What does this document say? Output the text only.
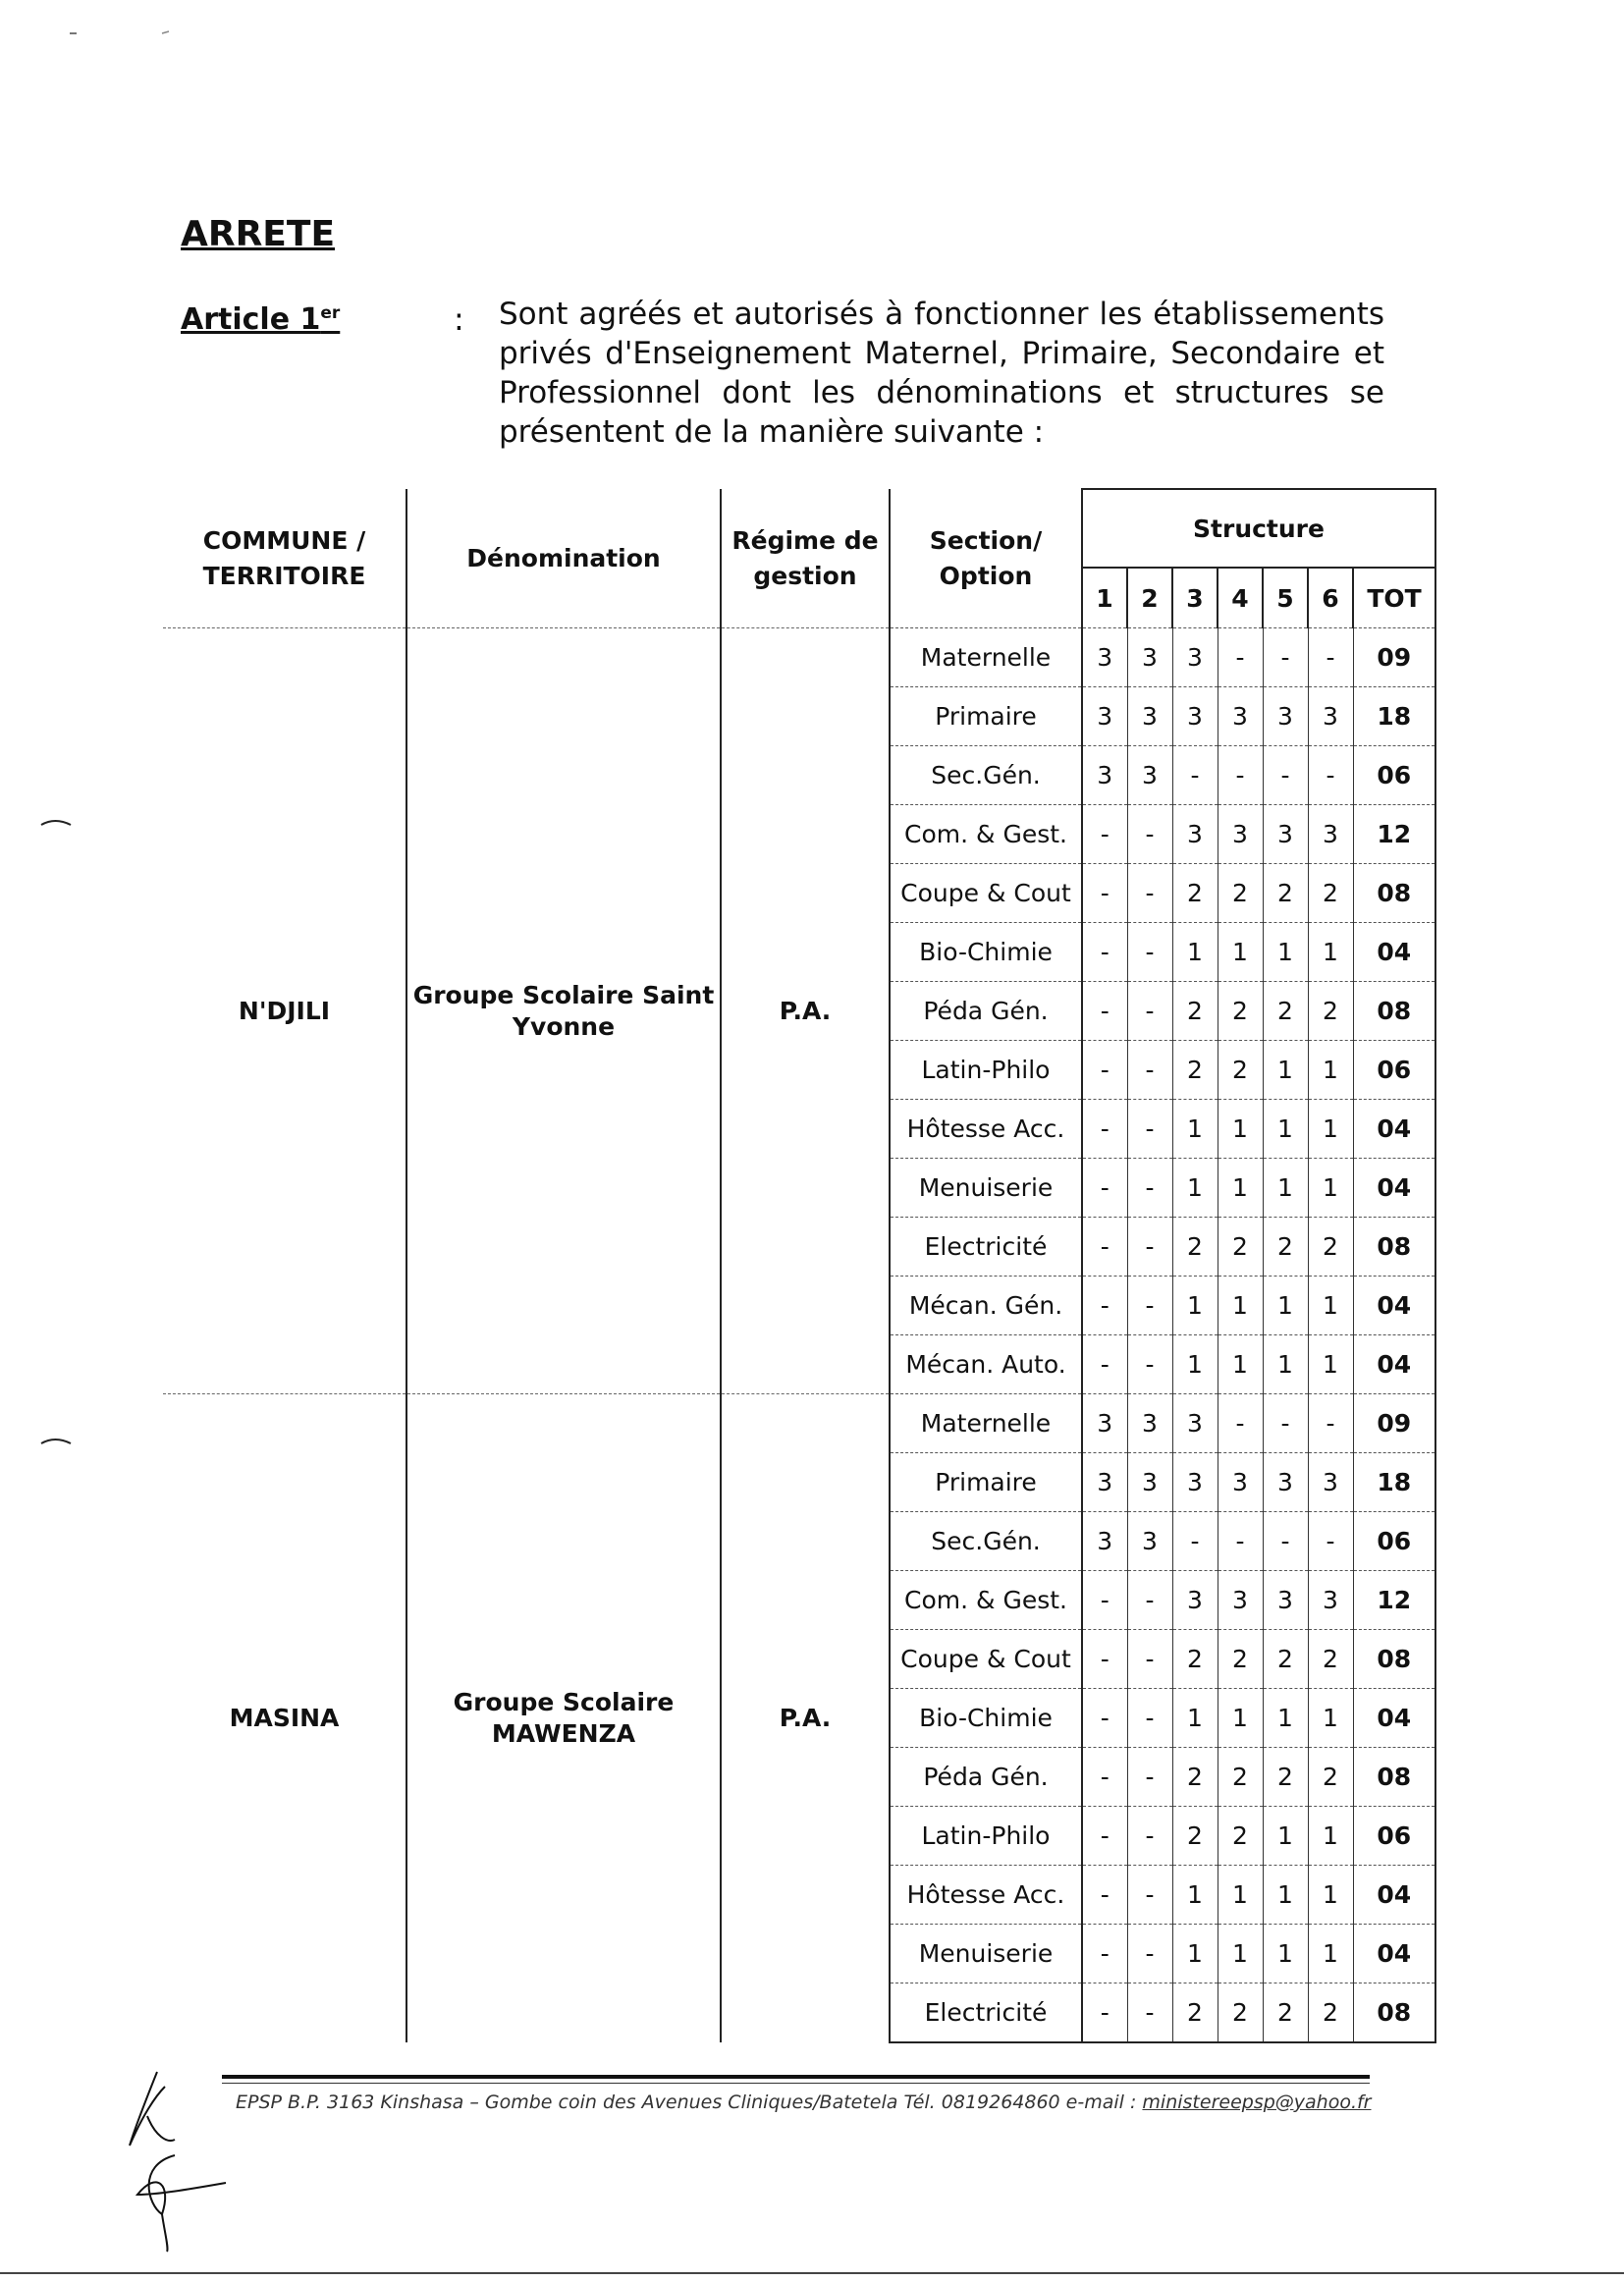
ARRETE
Article 1er	: Sont agréés et autorisés à fonctionner les établissements privés d'Enseignement Maternel, Primaire, Secondaire et Professionnel dont les dénominations et structures se présentent de la manière suivante :
COMMUNE / TERRITOIRE	Dénomination	Régime de gestion	Section/ Option	Structure						
				1	2	3	4	5	6	TOT
N'DJILI	Groupe Scolaire Saint Yvonne	P.A.	Maternelle	3	3	3	-	-	-	09
			Primaire	3	3	3	3	3	3	18
			Sec.Gén.	3	3	-	-	-	-	06
			Com. & Gest.	-	-	3	3	3	3	12
			Coupe & Cout	-	-	2	2	2	2	08
			Bio-Chimie	-	-	1	1	1	1	04
			Péda Gén.	-	-	2	2	2	2	08
			Latin-Philo	-	-	2	2	1	1	06
			Hôtesse Acc.	-	-	1	1	1	1	04
			Menuiserie	-	-	1	1	1	1	04
			Electricité	-	-	2	2	2	2	08
			Mécan. Gén.	-	-	1	1	1	1	04
			Mécan. Auto.	-	-	1	1	1	1	04
MASINA	Groupe Scolaire MAWENZA	P.A.	Maternelle	3	3	3	-	-	-	09
			Primaire	3	3	3	3	3	3	18
			Sec.Gén.	3	3	-	-	-	-	06
			Com. & Gest.	-	-	3	3	3	3	12
			Coupe & Cout	-	-	2	2	2	2	08
			Bio-Chimie	-	-	1	1	1	1	04
			Péda Gén.	-	-	2	2	2	2	08
			Latin-Philo	-	-	2	2	1	1	06
			Hôtesse Acc.	-	-	1	1	1	1	04
			Menuiserie	-	-	1	1	1	1	04
			Electricité	-	-	2	2	2	2	08
EPSP B.P. 3163 Kinshasa – Gombe coin des Avenues Cliniques/Batetela Tél. 0819264860 e-mail : ministereepsp@yahoo.fr
